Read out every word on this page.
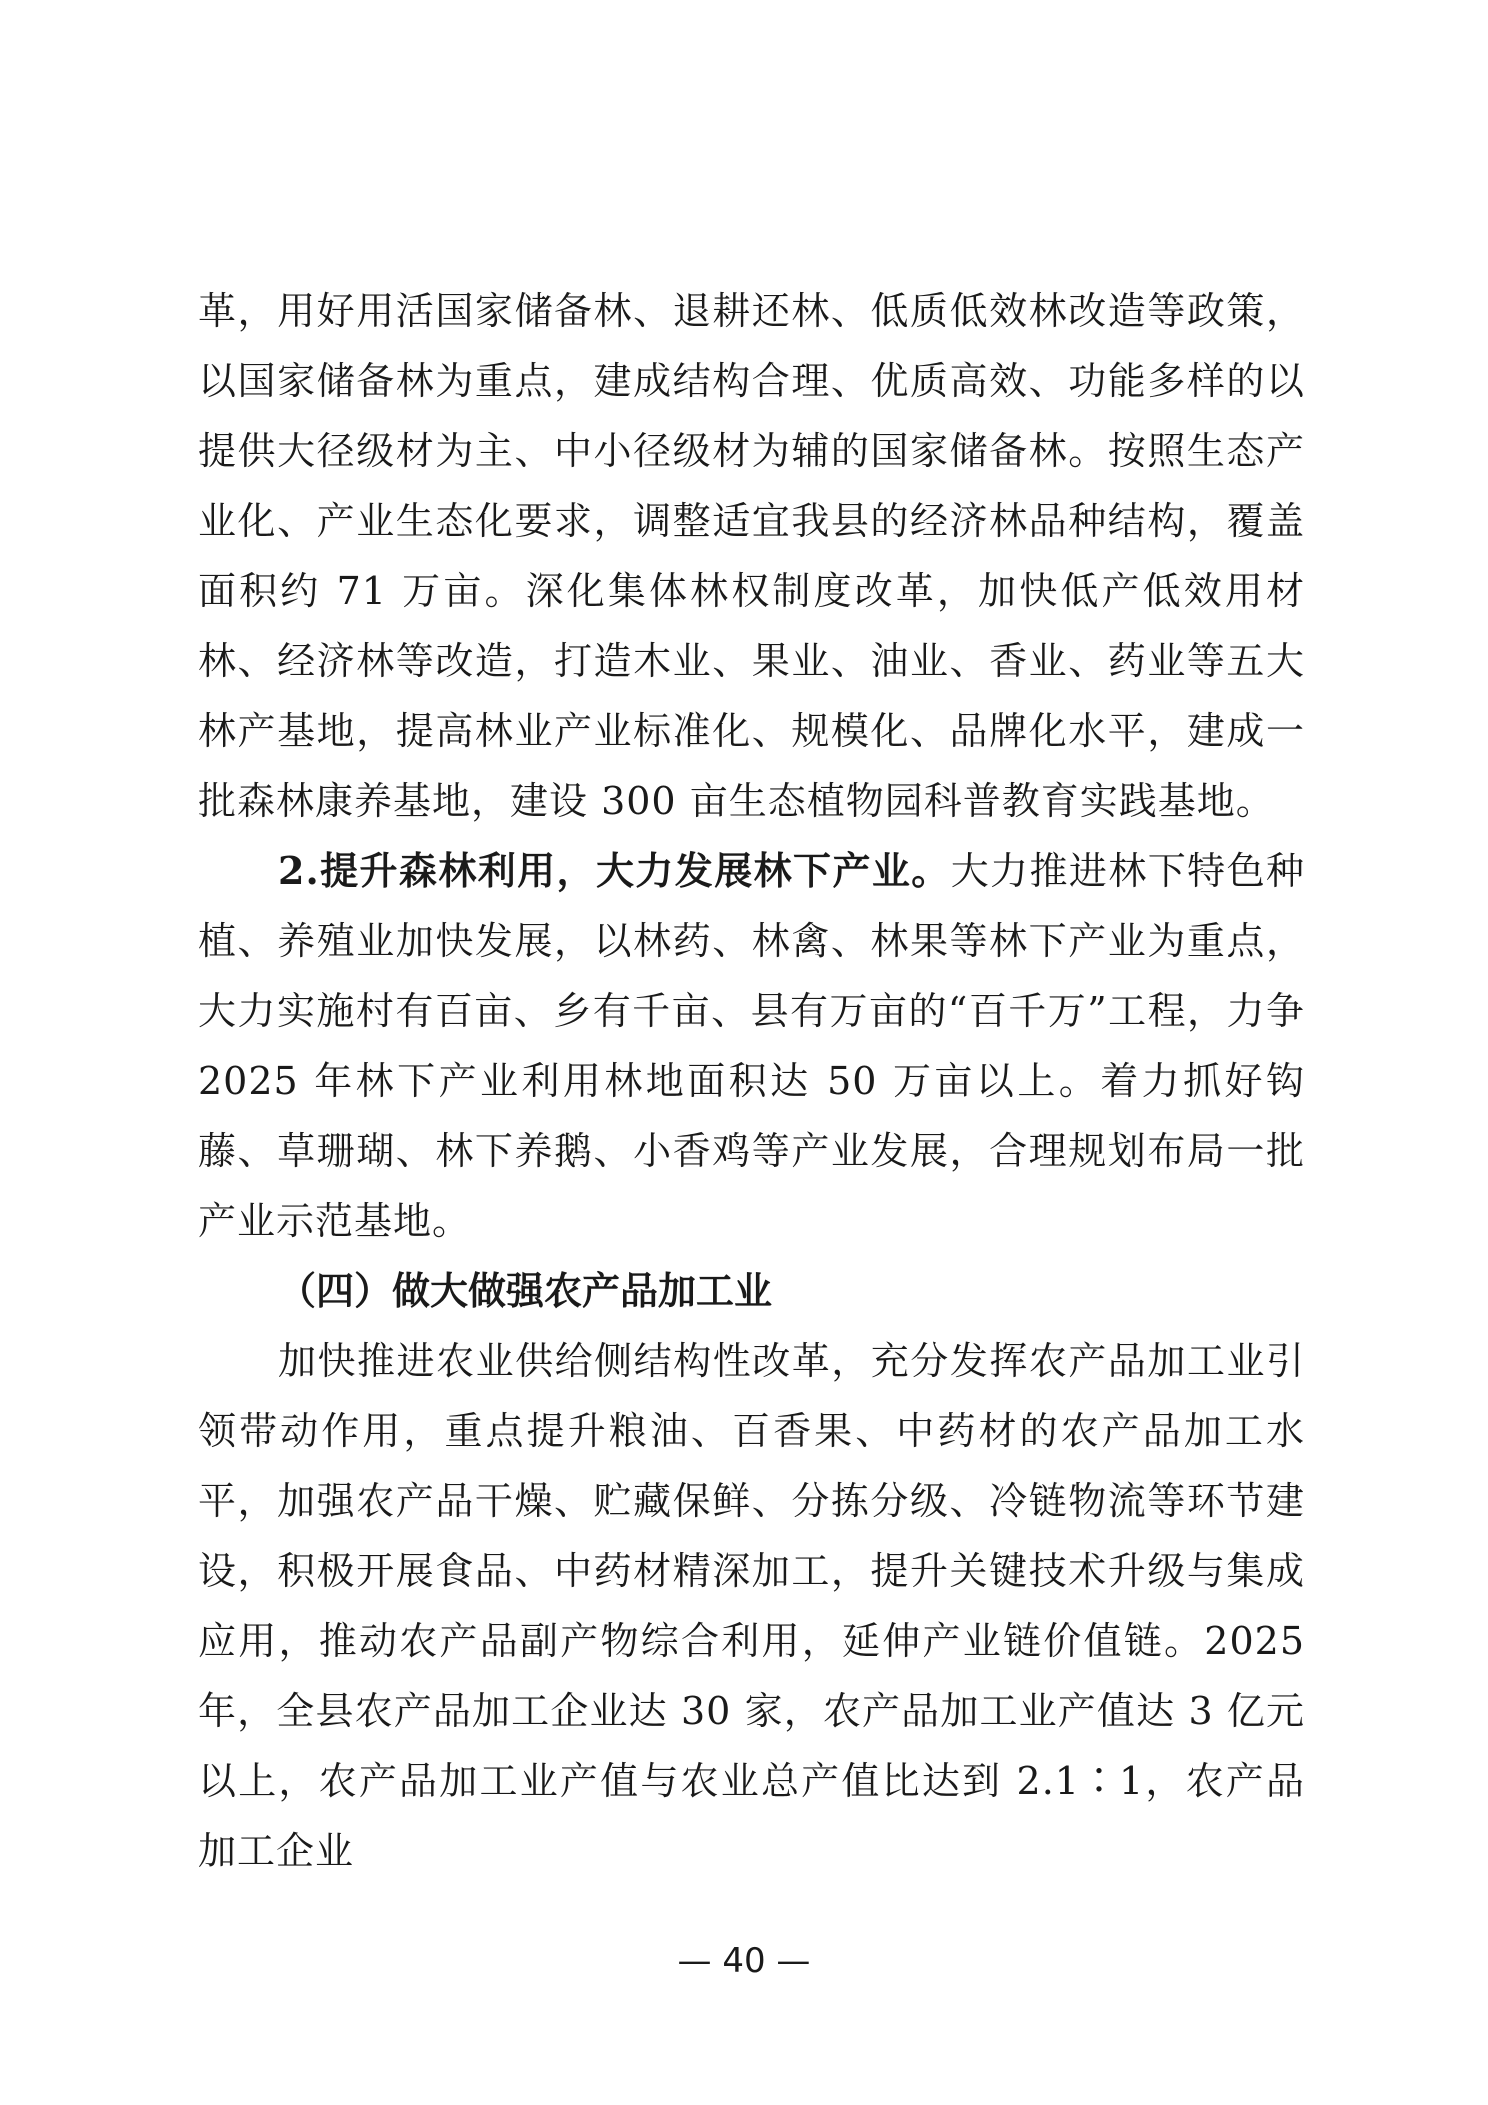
革，用好用活国家储备林、退耕还林、低质低效林改造等政策，以国家储备林为重点，建成结构合理、优质高效、功能多样的以提供大径级材为主、中小径级材为辅的国家储备林。按照生态产业化、产业生态化要求，调整适宜我县的经济林品种结构，覆盖面积约 71 万亩。深化集体林权制度改革，加快低产低效用材林、经济林等改造，打造木业、果业、油业、香业、药业等五大林产基地，提高林业产业标准化、规模化、品牌化水平，建成一批森林康养基地，建设 300 亩生态植物园科普教育实践基地。

2.提升森林利用，大力发展林下产业。大力推进林下特色种植、养殖业加快发展，以林药、林禽、林果等林下产业为重点，大力实施村有百亩、乡有千亩、县有万亩的“百千万”工程，力争 2025 年林下产业利用林地面积达 50 万亩以上。着力抓好钩藤、草珊瑚、林下养鹅、小香鸡等产业发展，合理规划布局一批产业示范基地。

（四）做大做强农产品加工业

加快推进农业供给侧结构性改革，充分发挥农产品加工业引领带动作用，重点提升粮油、百香果、中药材的农产品加工水平，加强农产品干燥、贮藏保鲜、分拣分级、冷链物流等环节建设，积极开展食品、中药材精深加工，提升关键技术升级与集成应用，推动农产品副产物综合利用，延伸产业链价值链。2025 年，全县农产品加工企业达 30 家，农产品加工业产值达 3 亿元以上，农产品加工业产值与农业总产值比达到 2.1∶1，农产品加工企业

— 40 —
